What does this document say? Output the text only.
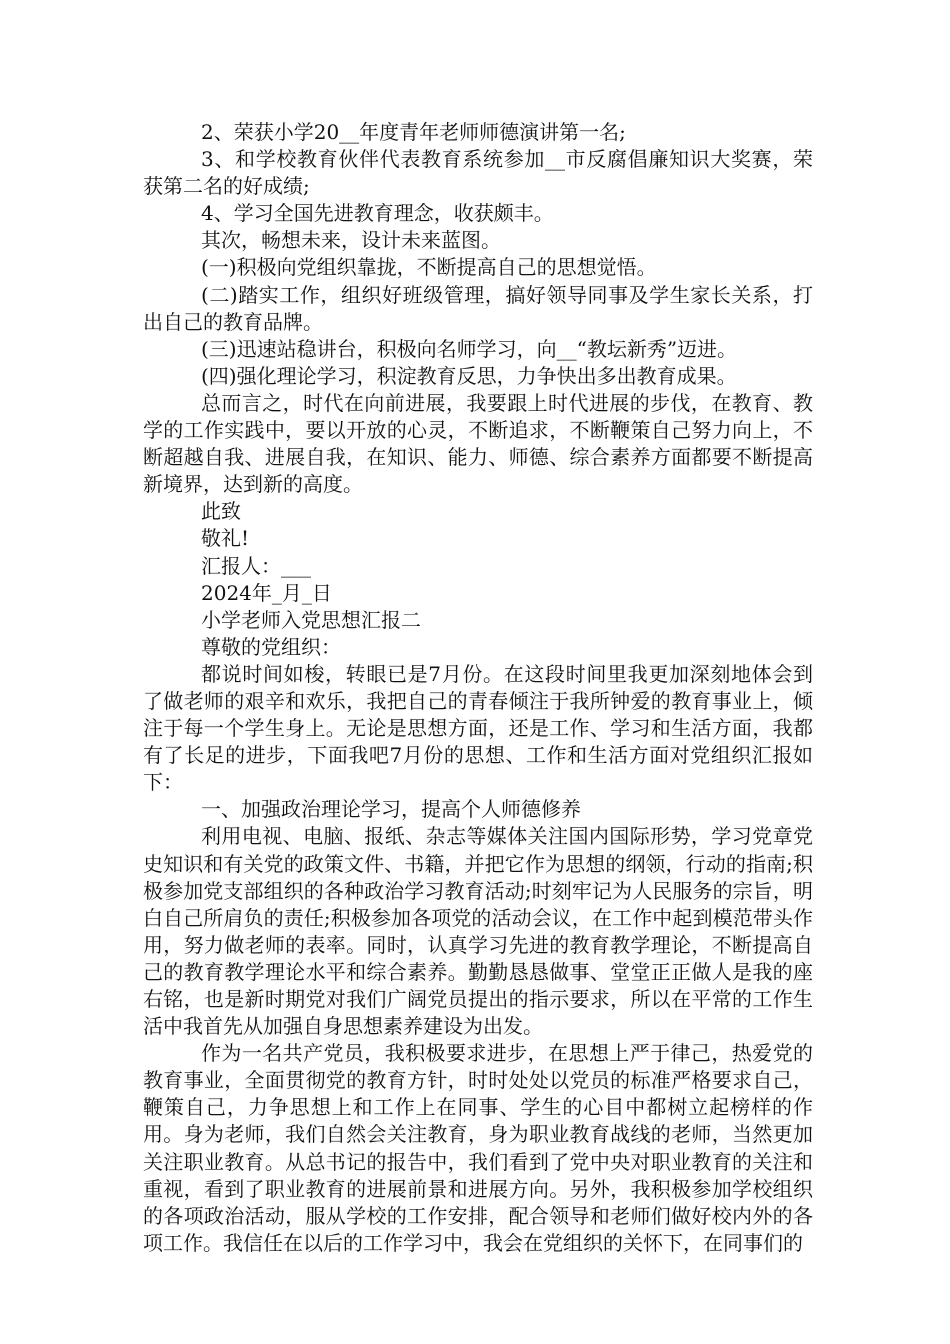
2、荣获小学20__年度青年老师师德演讲第一名;

3、和学校教育伙伴代表教育系统参加__市反腐倡廉知识大奖赛，荣获第二名的好成绩;

4、学习全国先进教育理念，收获颇丰。

其次，畅想未来，设计未来蓝图。

(一)积极向党组织靠拢，不断提高自己的思想觉悟。

(二)踏实工作，组织好班级管理，搞好领导同事及学生家长关系，打出自己的教育品牌。

(三)迅速站稳讲台，积极向名师学习，向__“教坛新秀”迈进。

(四)强化理论学习，积淀教育反思，力争快出多出教育成果。

总而言之，时代在向前进展，我要跟上时代进展的步伐，在教育、教学的工作实践中，要以开放的心灵，不断追求，不断鞭策自己努力向上，不断超越自我、进展自我，在知识、能力、师德、综合素养方面都要不断提高新境界，达到新的高度。

此致

敬礼!

汇报人：___

2024年_月_日

小学老师入党思想汇报二

尊敬的党组织：

都说时间如梭，转眼已是7月份。在这段时间里我更加深刻地体会到了做老师的艰辛和欢乐，我把自己的青春倾注于我所钟爱的教育事业上，倾注于每一个学生身上。无论是思想方面，还是工作、学习和生活方面，我都有了长足的进步，下面我吧7月份的思想、工作和生活方面对党组织汇报如下：

一、加强政治理论学习，提高个人师德修养

利用电视、电脑、报纸、杂志等媒体关注国内国际形势，学习党章党史知识和有关党的政策文件、书籍，并把它作为思想的纲领，行动的指南;积极参加党支部组织的各种政治学习教育活动;时刻牢记为人民服务的宗旨，明白自己所肩负的责任;积极参加各项党的活动会议，在工作中起到模范带头作用，努力做老师的表率。同时，认真学习先进的教育教学理论，不断提高自己的教育教学理论水平和综合素养。勤勤恳恳做事、堂堂正正做人是我的座右铭，也是新时期党对我们广阔党员提出的指示要求，所以在平常的工作生活中我首先从加强自身思想素养建设为出发。

作为一名共产党员，我积极要求进步，在思想上严于律己，热爱党的教育事业，全面贯彻党的教育方针，时时处处以党员的标准严格要求自己，鞭策自己，力争思想上和工作上在同事、学生的心目中都树立起榜样的作用。身为老师，我们自然会关注教育，身为职业教育战线的老师，当然更加关注职业教育。从总书记的报告中，我们看到了党中央对职业教育的关注和重视，看到了职业教育的进展前景和进展方向。另外，我积极参加学校组织的各项政治活动，服从学校的工作安排，配合领导和老师们做好校内外的各项工作。我信任在以后的工作学习中，我会在党组织的关怀下，在同事们的
